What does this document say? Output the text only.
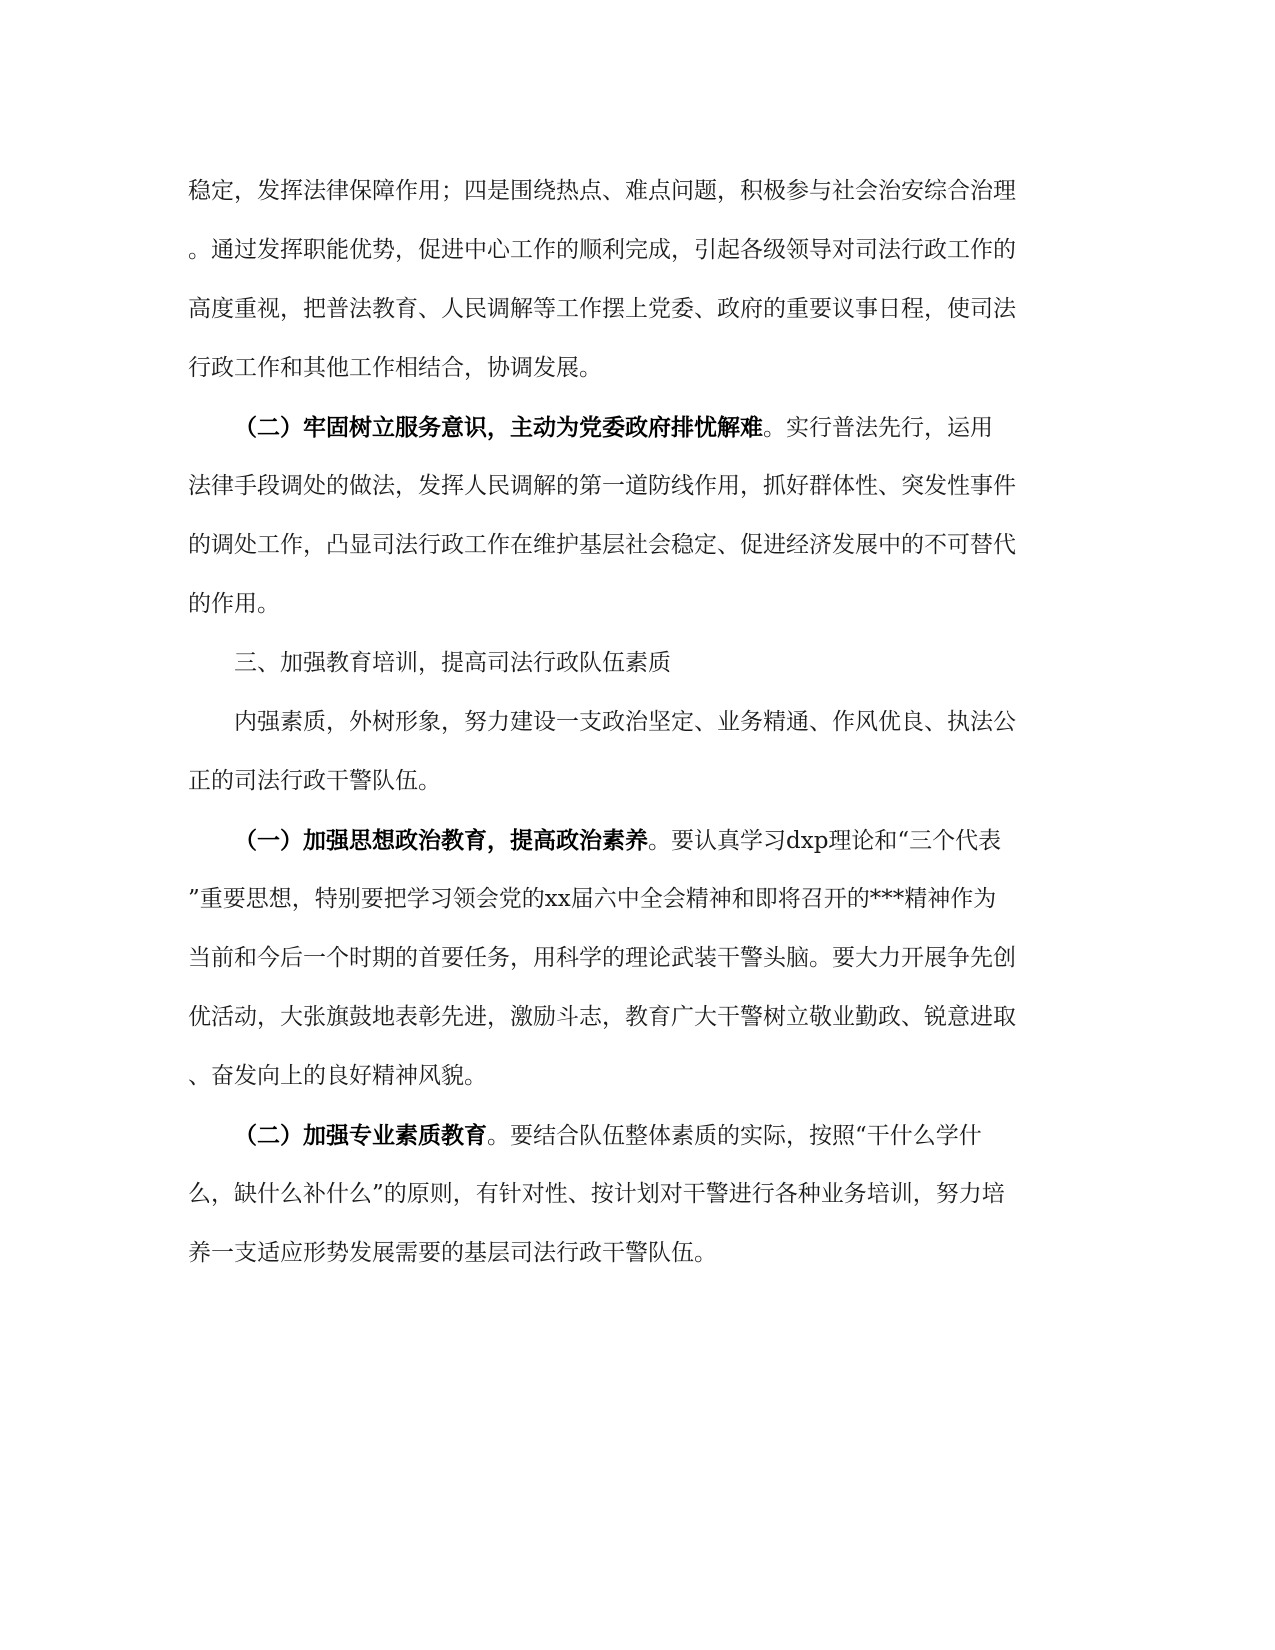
稳定，发挥法律保障作用；四是围绕热点、难点问题，积极参与社会治安综合治理
。通过发挥职能优势，促进中心工作的顺利完成，引起各级领导对司法行政工作的
高度重视，把普法教育、人民调解等工作摆上党委、政府的重要议事日程，使司法
行政工作和其他工作相结合，协调发展。

（二）牢固树立服务意识，主动为党委政府排忧解难。实行普法先行，运用
法律手段调处的做法，发挥人民调解的第一道防线作用，抓好群体性、突发性事件
的调处工作，凸显司法行政工作在维护基层社会稳定、促进经济发展中的不可替代
的作用。

三、加强教育培训，提高司法行政队伍素质

内强素质，外树形象，努力建设一支政治坚定、业务精通、作风优良、执法公
正的司法行政干警队伍。

（一）加强思想政治教育，提高政治素养。要认真学习dxp理论和“三个代表
”重要思想，特别要把学习领会党的xx届六中全会精神和即将召开的***精神作为
当前和今后一个时期的首要任务，用科学的理论武装干警头脑。要大力开展争先创
优活动，大张旗鼓地表彰先进，激励斗志，教育广大干警树立敬业勤政、锐意进取
、奋发向上的良好精神风貌。

（二）加强专业素质教育。要结合队伍整体素质的实际，按照“干什么学什
么，缺什么补什么”的原则，有针对性、按计划对干警进行各种业务培训，努力培
养一支适应形势发展需要的基层司法行政干警队伍。
